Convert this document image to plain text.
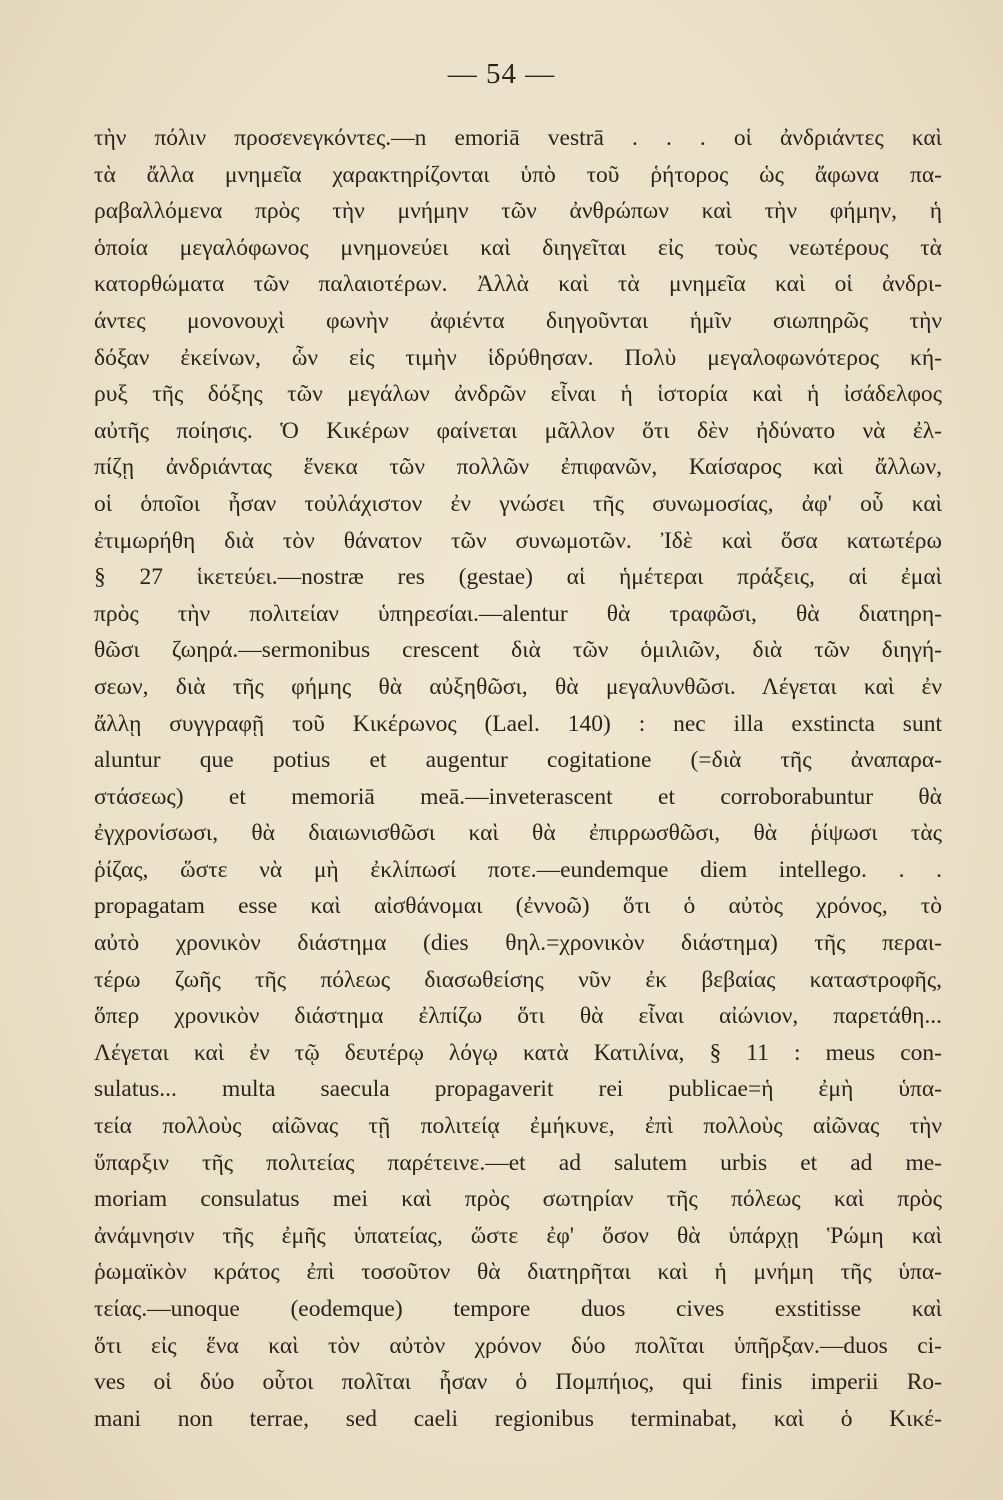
— 54 —
τὴν πόλιν προσενεγκόντες.—n emoriā vestrā . . . οἱ ἀνδριάντες καὶ
τὰ ἄλλα μνημεῖα χαρακτηρίζονται ὑπὸ τοῦ ῥήτορος ὡς ἄφωνα πα-
ραβαλλόμενα πρὸς τὴν μνήμην τῶν ἀνθρώπων καὶ τὴν φήμην, ἡ
ὁποία μεγαλόφωνος μνημονεύει καὶ διηγεῖται εἰς τοὺς νεωτέρους τὰ
κατορθώματα τῶν παλαιοτέρων. Ἀλλὰ καὶ τὰ μνημεῖα καὶ οἱ ἀνδρι-
άντες μονονουχὶ φωνὴν ἀφιέντα διηγοῦνται ἡμῖν σιωπηρῶς τὴν
δόξαν ἐκείνων, ὧν εἰς τιμὴν ἱδρύθησαν. Πολὺ μεγαλοφωνότερος κή-
ρυξ τῆς δόξης τῶν μεγάλων ἀνδρῶν εἶναι ἡ ἱστορία καὶ ἡ ἰσάδελφος
αὐτῆς ποίησις. Ὁ Κικέρων φαίνεται μᾶλλον ὅτι δὲν ἠδύνατο νὰ ἐλ-
πίζῃ ἀνδριάντας ἕνεκα τῶν πολλῶν ἐπιφανῶν, Καίσαρος καὶ ἄλλων,
οἱ ὁποῖοι ἦσαν τοὐλάχιστον ἐν γνώσει τῆς συνωμοσίας, ἀφ' οὗ καὶ
ἐτιμωρήθη διὰ τὸν θάνατον τῶν συνωμοτῶν. Ἰδὲ καὶ ὅσα κατωτέρω
§ 27 ἱκετεύει.—nostræ res (gestae) αἱ ἡμέτεραι πράξεις, αἱ ἐμαὶ
πρὸς τὴν πολιτείαν ὑπηρεσίαι.—alentur θὰ τραφῶσι, θὰ διατηρη-
θῶσι ζωηρά.—sermonibus crescent διὰ τῶν ὁμιλιῶν, διὰ τῶν διηγή-
σεων, διὰ τῆς φήμης θὰ αὐξηθῶσι, θὰ μεγαλυνθῶσι. Λέγεται καὶ ἐν
ἄλλῃ συγγραφῇ τοῦ Κικέρωνος (Lael. 140) : nec illa exstincta sunt
aluntur que potius et augentur cogitatione (=διὰ τῆς ἀναπαρα-
στάσεως) et memoriā meā.—inveterascent et corroborabuntur θὰ
ἐγχρονίσωσι, θὰ διαιωνισθῶσι καὶ θὰ ἐπιρρωσθῶσι, θὰ ῥίψωσι τὰς
ῥίζας, ὥστε νὰ μὴ ἐκλίπωσί ποτε.—eundemque diem intellego. . .
propagatam esse καὶ αἰσθάνομαι (ἐννοῶ) ὅτι ὁ αὐτὸς χρόνος, τὸ
αὐτὸ χρονικὸν διάστημα (dies θηλ.=χρονικὸν διάστημα) τῆς περαι-
τέρω ζωῆς τῆς πόλεως διασωθείσης νῦν ἐκ βεβαίας καταστροφῆς,
ὅπερ χρονικὸν διάστημα ἐλπίζω ὅτι θὰ εἶναι αἰώνιον, παρετάθη...
Λέγεται καὶ ἐν τῷ δευτέρῳ λόγῳ κατὰ Κατιλίνα, § 11 : meus con-
sulatus... multa saecula propagaverit rei publicae=ἡ ἐμὴ ὑπα-
τεία πολλοὺς αἰῶνας τῇ πολιτείᾳ ἐμήκυνε, ἐπὶ πολλοὺς αἰῶνας τὴν
ὕπαρξιν τῆς πολιτείας παρέτεινε.—et ad salutem urbis et ad me-
moriam consulatus mei καὶ πρὸς σωτηρίαν τῆς πόλεως καὶ πρὸς
ἀνάμνησιν τῆς ἐμῆς ὑπατείας, ὥστε ἐφ' ὅσον θὰ ὑπάρχῃ Ῥώμη καὶ
ῥωμαϊκὸν κράτος ἐπὶ τοσοῦτον θὰ διατηρῆται καὶ ἡ μνήμη τῆς ὑπα-
τείας.—unoque (eodemque) tempore duos cives exstitisse καὶ
ὅτι εἰς ἕνα καὶ τὸν αὐτὸν χρόνον δύο πολῖται ὑπῆρξαν.—duos ci-
ves οἱ δύο οὗτοι πολῖται ἦσαν ὁ Πομπήιος, qui finis imperii Ro-
mani non terrae, sed caeli regionibus terminabat, καὶ ὁ Κικέ-
